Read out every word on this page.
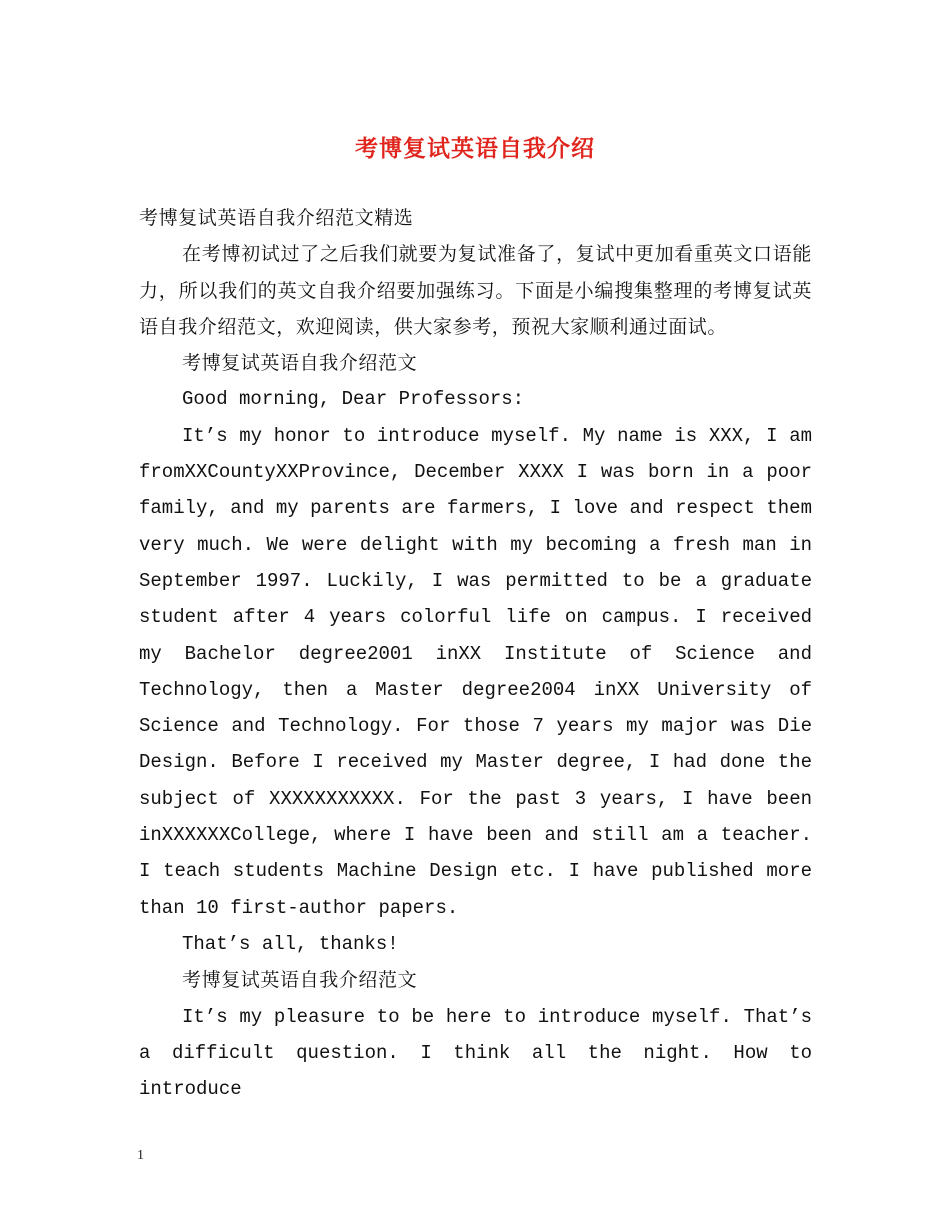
考博复试英语自我介绍

考博复试英语自我介绍范文精选

在考博初试过了之后我们就要为复试准备了，复试中更加看重英文口语能力，所以我们的英文自我介绍要加强练习。下面是小编搜集整理的考博复试英语自我介绍范文，欢迎阅读，供大家参考，预祝大家顺利通过面试。

考博复试英语自我介绍范文

Good morning, Dear Professors:

It’s my honor to introduce myself. My name is XXX, I am fromXXCountyXXProvince, December XXXX I was born in a poor family, and my parents are farmers, I love and respect them very much. We were delight with my becoming a fresh man in September 1997. Luckily, I was permitted to be a graduate student after 4 years colorful life on campus. I received my Bachelor degree2001 inXX Institute of Science and Technology, then a Master degree2004 inXX University of Science and Technology. For those 7 years my major was Die Design. Before I received my Master degree, I had done the subject of XXXXXXXXXXX. For the past 3 years, I have been inXXXXXXCollege, where I have been and still am a teacher. I teach students Machine Design etc. I have published more than 10 first-author papers.

That’s all, thanks!

考博复试英语自我介绍范文

It’s my pleasure to be here to introduce myself. That’s a difficult question. I think all the night. How to introduce

1
